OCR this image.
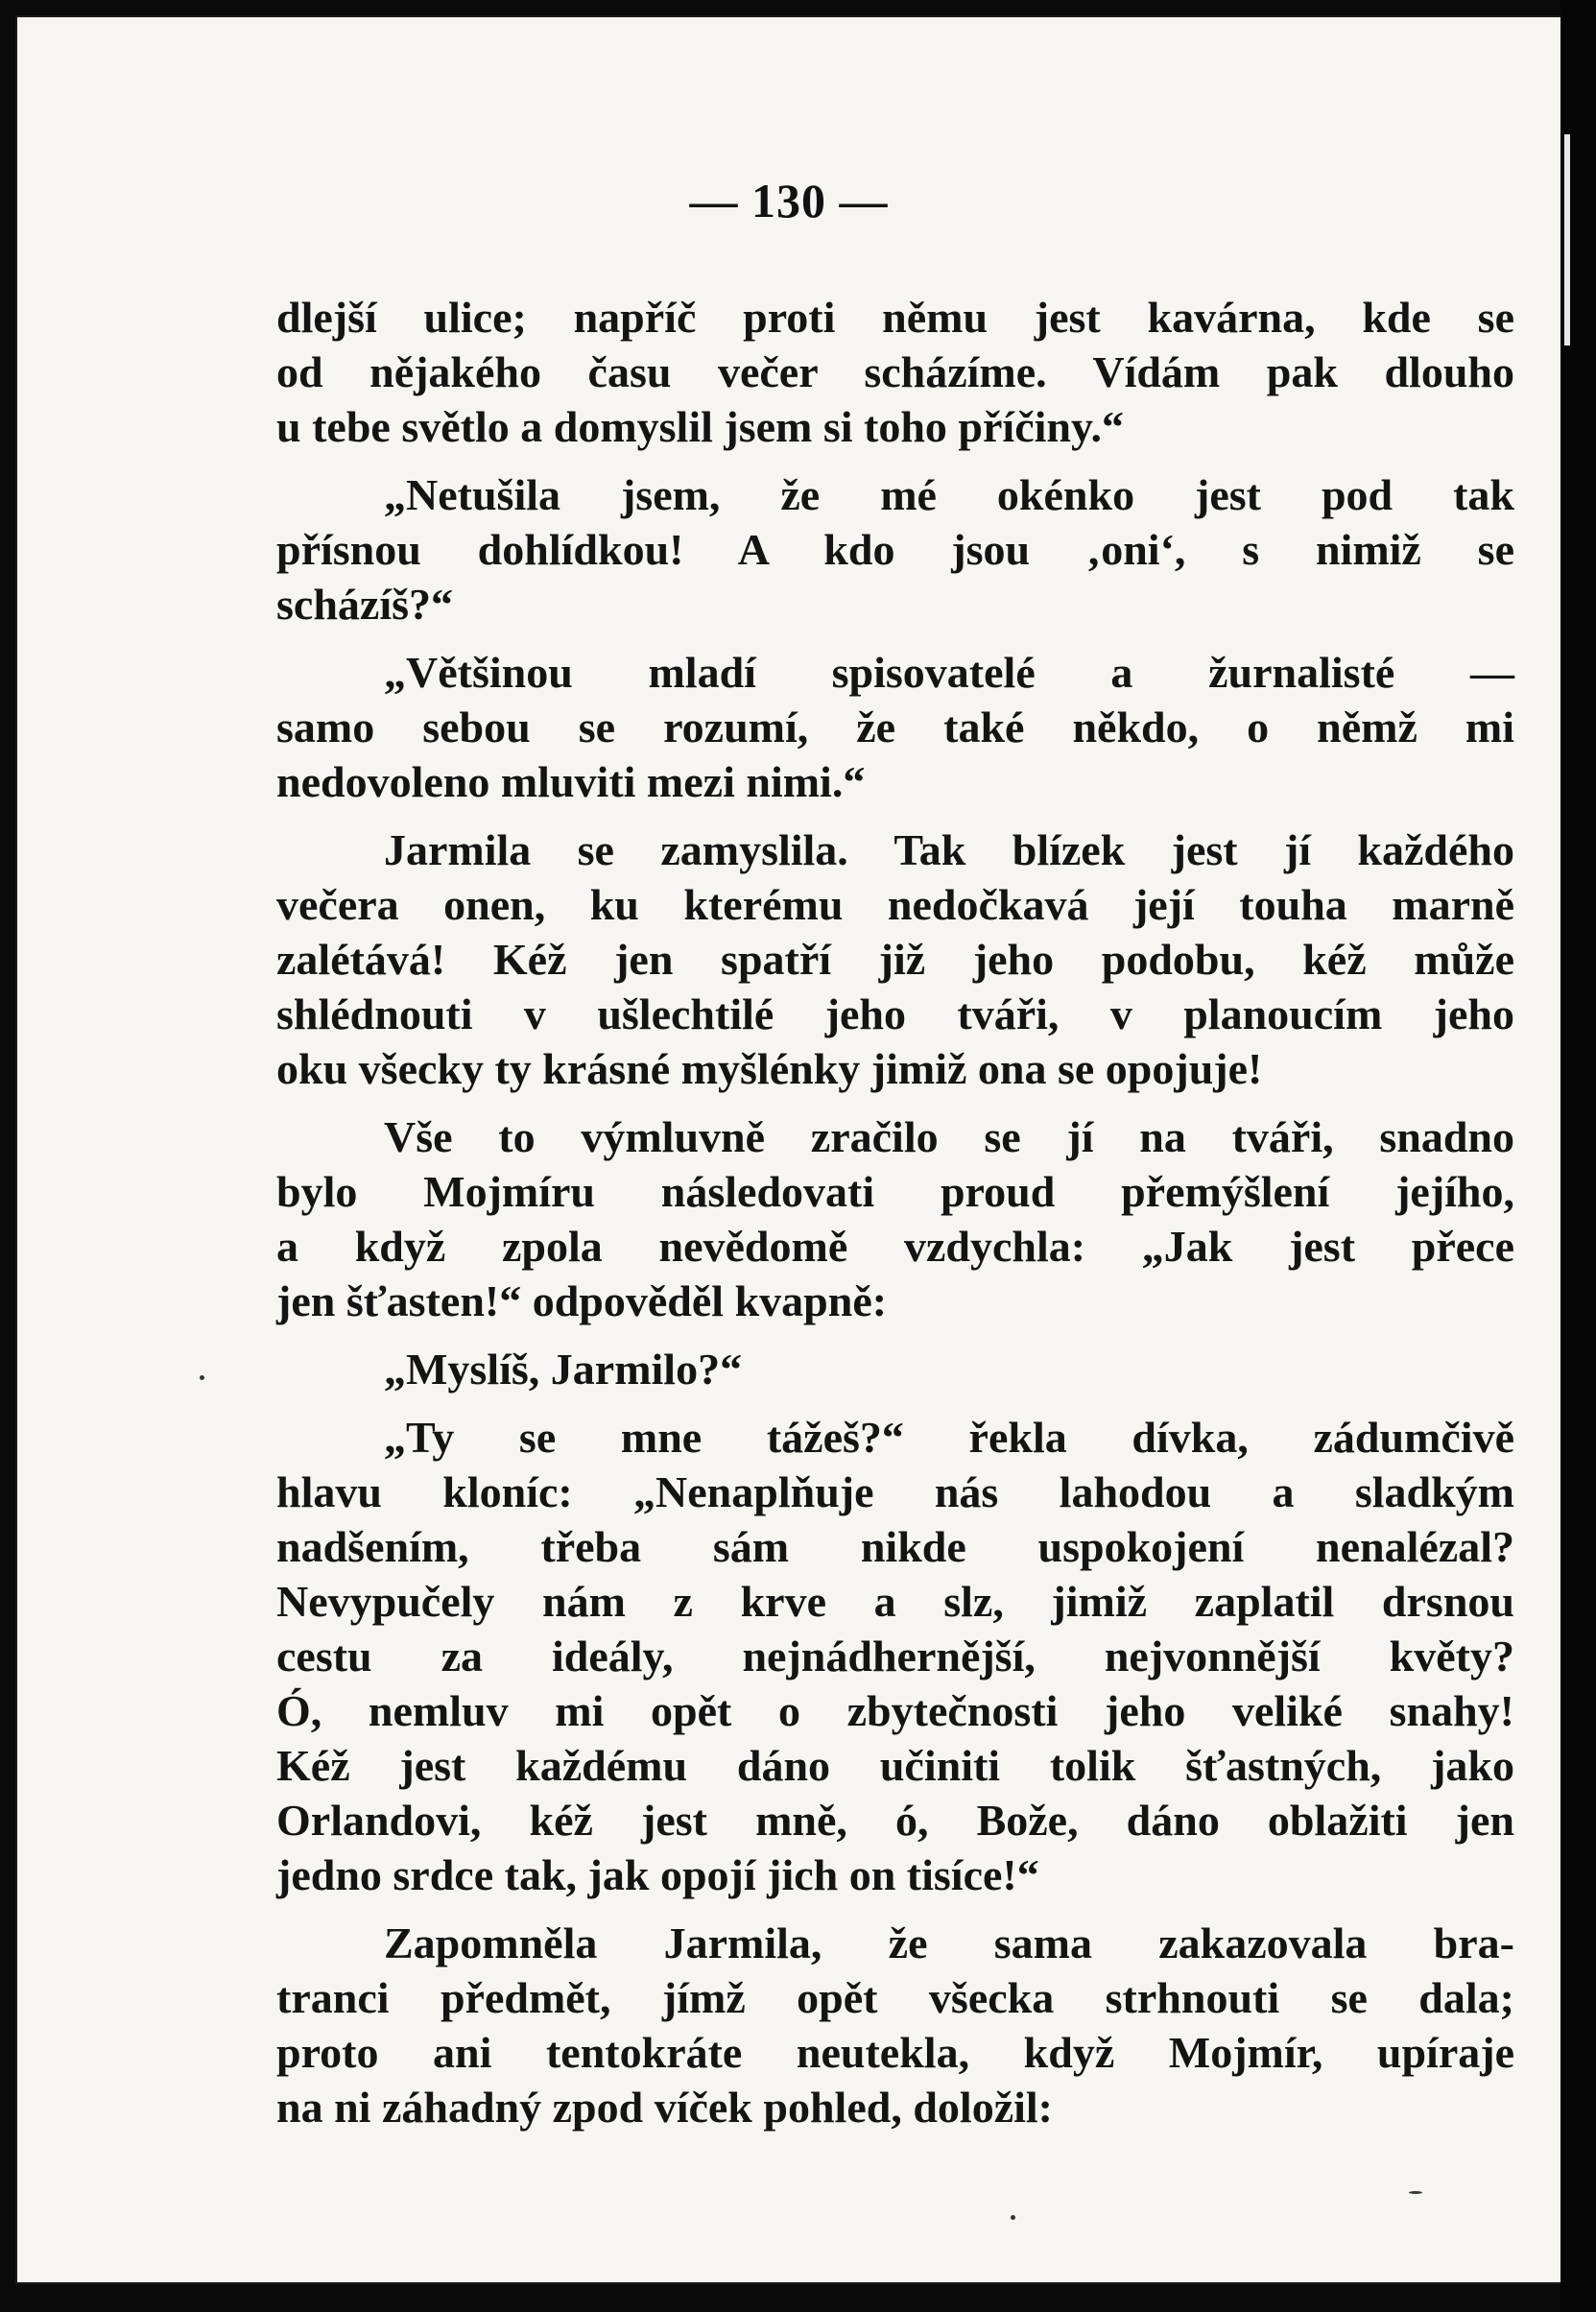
— 130 —
dlejší ulice; napříč proti němu jest kavárna, kde se
od nějakého času večer scházíme. Vídám pak dlouho
u tebe světlo a domyslil jsem si toho příčiny.“
„Netušila jsem, že mé okénko jest pod tak
přísnou dohlídkou! A kdo jsou ‚oni‘, s nimiž se
scházíš?“
„Většinou mladí spisovatelé a žurnalisté —
samo sebou se rozumí, že také někdo, o němž mi
nedovoleno mluviti mezi nimi.“
Jarmila se zamyslila. Tak blízek jest jí každého
večera onen, ku kterému nedočkavá její touha marně
zalétává! Kéž jen spatří již jeho podobu, kéž může
shlédnouti v ušlechtilé jeho tváři, v planoucím jeho
oku všecky ty krásné myšlénky jimiž ona se opojuje!
Vše to výmluvně zračilo se jí na tváři, snadno
bylo Mojmíru následovati proud přemýšlení jejího,
a když zpola nevědomě vzdychla: „Jak jest přece
jen šťasten!“ odpověděl kvapně:
„Myslíš, Jarmilo?“
„Ty se mne tážeš?“ řekla dívka, zádumčivě
hlavu kloníc: „Nenaplňuje nás lahodou a sladkým
nadšením, třeba sám nikde uspokojení nenalézal?
Nevypučely nám z krve a slz, jimiž zaplatil drsnou
cestu za ideály, nejnádhernější, nejvonnější květy?
Ó, nemluv mi opět o zbytečnosti jeho veliké snahy!
Kéž jest každému dáno učiniti tolik šťastných, jako
Orlandovi, kéž jest mně, ó, Bože, dáno oblažiti jen
jedno srdce tak, jak opojí jich on tisíce!“
Zapomněla Jarmila, že sama zakazovala bra-
tranci předmět, jímž opět všecka strhnouti se dala;
proto ani tentokráte neutekla, když Mojmír, upíraje
na ni záhadný zpod víček pohled, doložil:
